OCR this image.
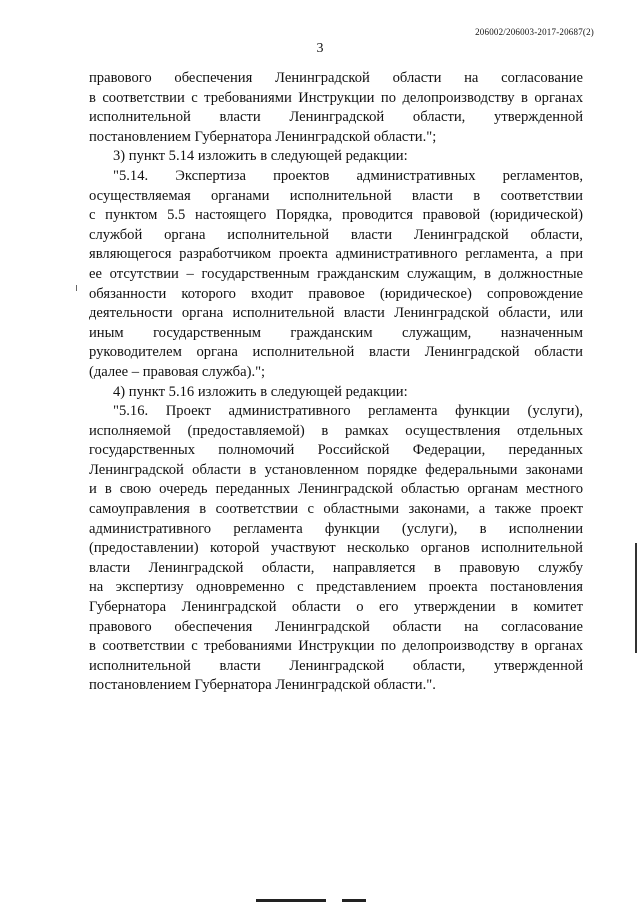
206002/206003-2017-20687(2)
3
правового обеспечения Ленинградской области на согласование
в соответствии с требованиями Инструкции по делопроизводству в органах
исполнительной власти Ленинградской области, утвержденной
постановлением Губернатора Ленинградской области.";
3) пункт 5.14 изложить в следующей редакции:
"5.14. Экспертиза проектов административных регламентов,
осуществляемая органами исполнительной власти в соответствии
с пунктом 5.5 настоящего Порядка, проводится правовой (юридической)
службой органа исполнительной власти Ленинградской области,
являющегося разработчиком проекта административного регламента, а при
ее отсутствии – государственным гражданским служащим, в должностные
обязанности которого входит правовое (юридическое) сопровождение
деятельности органа исполнительной власти Ленинградской области, или
иным государственным гражданским служащим, назначенным
руководителем органа исполнительной власти Ленинградской области
(далее – правовая служба).";
4) пункт 5.16 изложить в следующей редакции:
"5.16. Проект административного регламента функции (услуги),
исполняемой (предоставляемой) в рамках осуществления отдельных
государственных полномочий Российской Федерации, переданных
Ленинградской области в установленном порядке федеральными законами
и в свою очередь переданных Ленинградской областью органам местного
самоуправления в соответствии с областными законами, а также проект
административного регламента функции (услуги), в исполнении
(предоставлении) которой участвуют несколько органов исполнительной
власти Ленинградской области, направляется в правовую службу
на экспертизу одновременно с представлением проекта постановления
Губернатора Ленинградской области о его утверждении в комитет
правового обеспечения Ленинградской области на согласование
в соответствии с требованиями Инструкции по делопроизводству в органах
исполнительной власти Ленинградской области, утвержденной
постановлением Губернатора Ленинградской области.".
